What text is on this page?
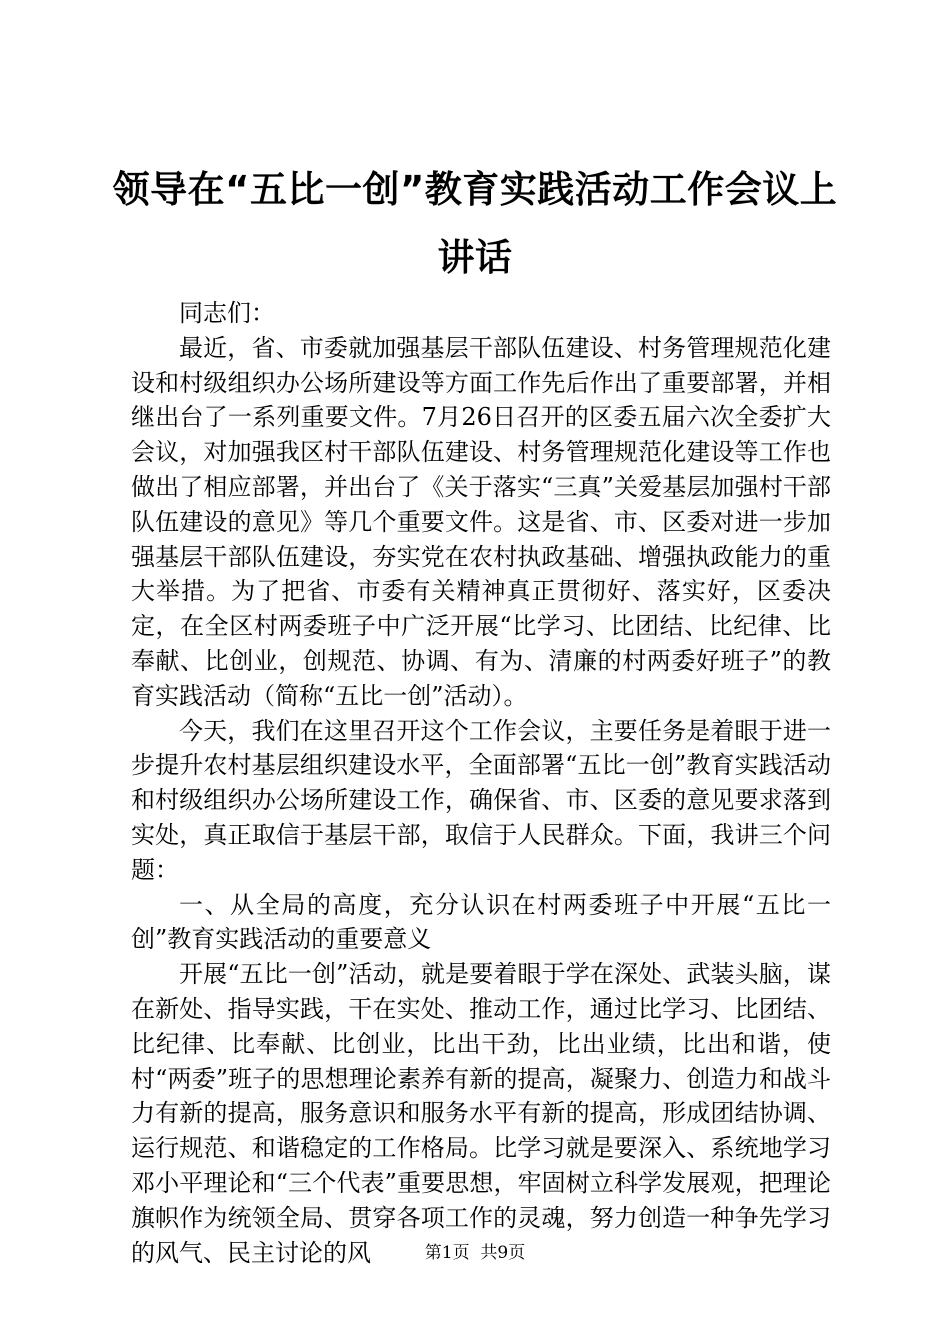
领导在“五比一创”教育实践活动工作会议上讲话

同志们：

最近，省、市委就加强基层干部队伍建设、村务管理规范化建设和村级组织办公场所建设等方面工作先后作出了重要部署，并相继出台了一系列重要文件。7月26日召开的区委五届六次全委扩大会议，对加强我区村干部队伍建设、村务管理规范化建设等工作也做出了相应部署，并出台了《关于落实“三真”关爱基层加强村干部队伍建设的意见》等几个重要文件。这是省、市、区委对进一步加强基层干部队伍建设，夯实党在农村执政基础、增强执政能力的重大举措。为了把省、市委有关精神真正贯彻好、落实好，区委决定，在全区村两委班子中广泛开展“比学习、比团结、比纪律、比奉献、比创业，创规范、协调、有为、清廉的村两委好班子”的教育实践活动（简称“五比一创”活动）。

今天，我们在这里召开这个工作会议，主要任务是着眼于进一步提升农村基层组织建设水平，全面部署“五比一创”教育实践活动和村级组织办公场所建设工作，确保省、市、区委的意见要求落到实处，真正取信于基层干部，取信于人民群众。下面，我讲三个问题：

一、从全局的高度，充分认识在村两委班子中开展“五比一创”教育实践活动的重要意义

开展“五比一创”活动，就是要着眼于学在深处、武装头脑，谋在新处、指导实践，干在实处、推动工作，通过比学习、比团结、比纪律、比奉献、比创业，比出干劲，比出业绩，比出和谐，使村“两委”班子的思想理论素养有新的提高，凝聚力、创造力和战斗力有新的提高，服务意识和服务水平有新的提高，形成团结协调、运行规范、和谐稳定的工作格局。比学习就是要深入、系统地学习邓小平理论和“三个代表”重要思想，牢固树立科学发展观，把理论旗帜作为统领全局、贯穿各项工作的灵魂，努力创造一种争先学习的风气、民主讨论的风	第1页 共9页
